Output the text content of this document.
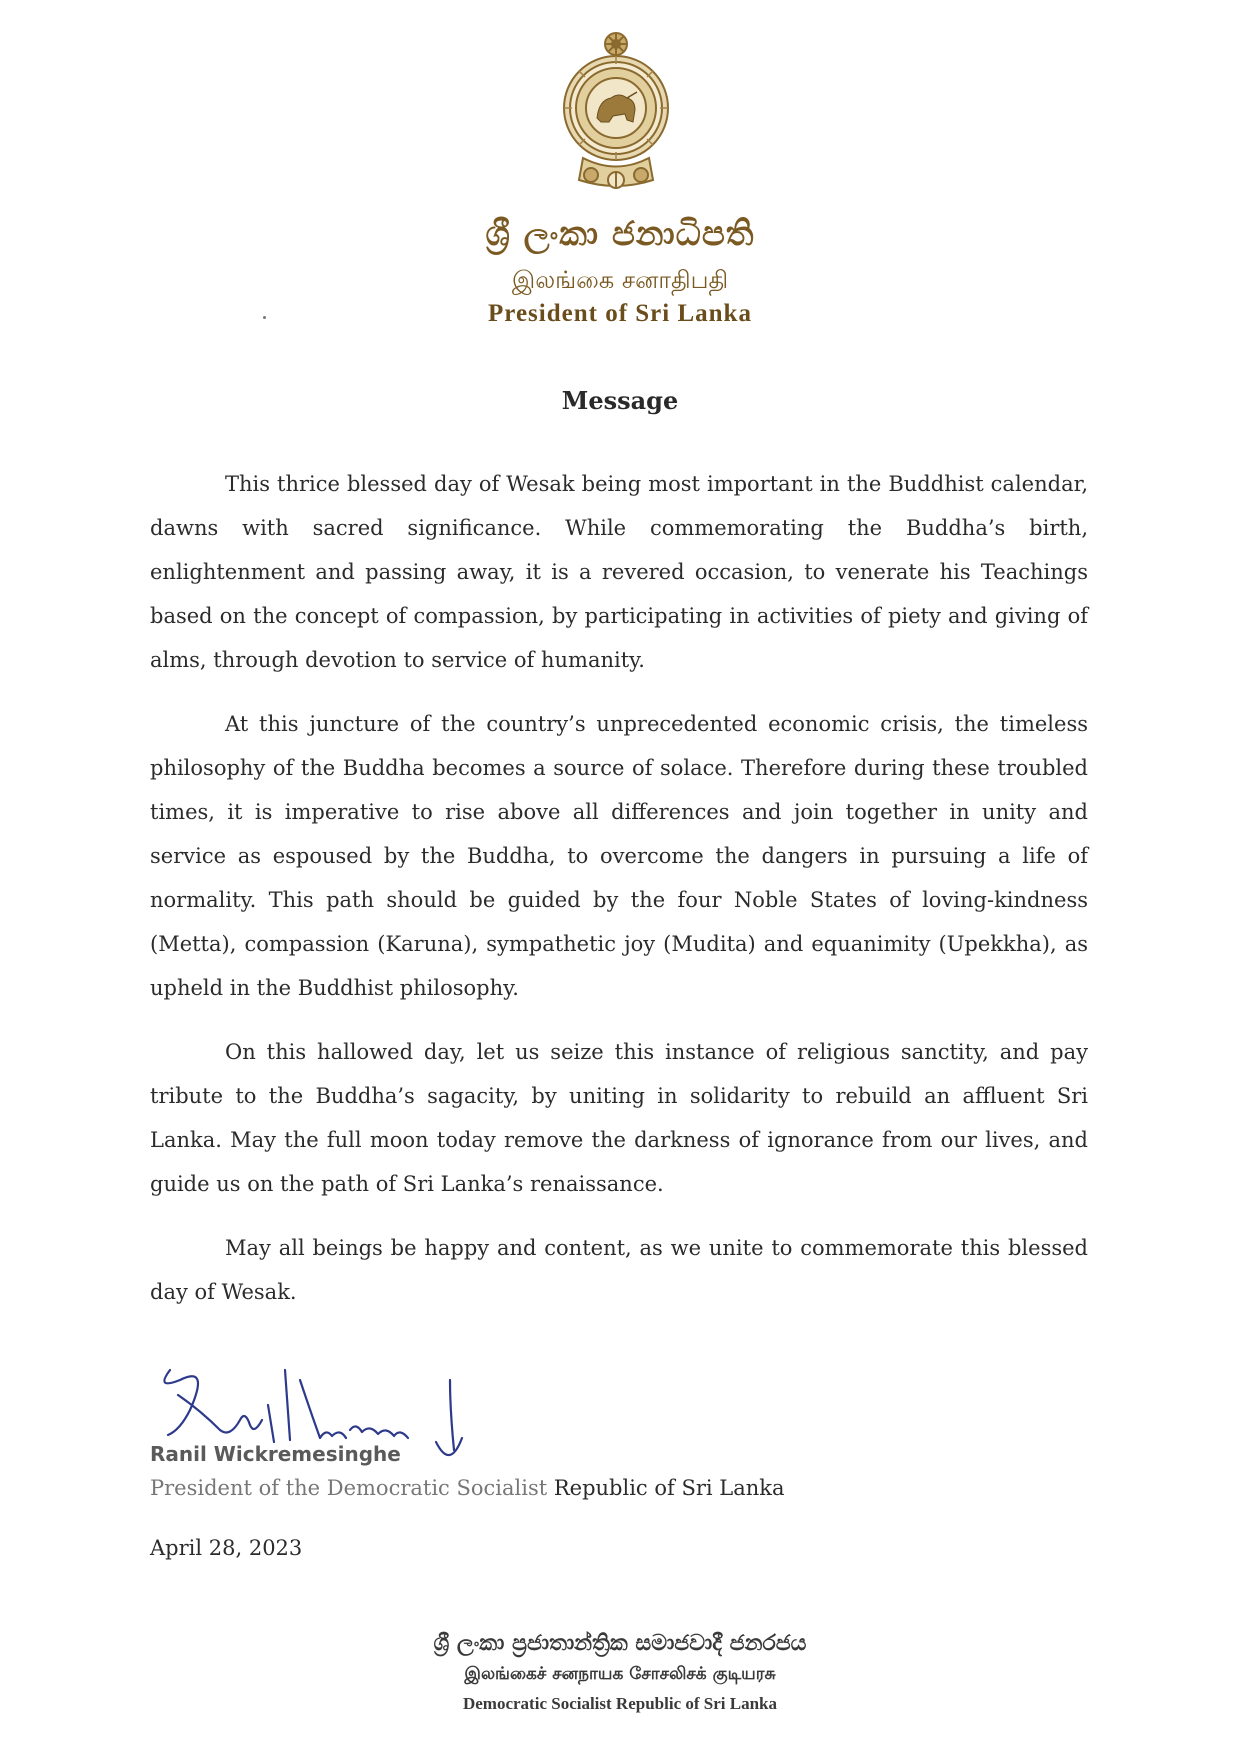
ශ්‍රී ලංකා ජනාධිපති
இலங்கை சனாதிபதி
President of Sri Lanka
Message

This thrice blessed day of Wesak being most important in the Buddhist calendar, dawns with sacred significance. While commemorating the Buddha’s birth, enlightenment and passing away, it is a revered occasion, to venerate his Teachings based on the concept of compassion, by participating in activities of piety and giving of alms, through devotion to service of humanity.

At this juncture of the country’s unprecedented economic crisis, the timeless philosophy of the Buddha becomes a source of solace. Therefore during these troubled times, it is imperative to rise above all differences and join together in unity and service as espoused by the Buddha, to overcome the dangers in pursuing a life of normality. This path should be guided by the four Noble States of loving-kindness (Metta), compassion (Karuna), sympathetic joy (Mudita) and equanimity (Upekkha), as upheld in the Buddhist philosophy.

On this hallowed day, let us seize this instance of religious sanctity, and pay tribute to the Buddha’s sagacity, by uniting in solidarity to rebuild an affluent Sri Lanka. May the full moon today remove the darkness of ignorance from our lives, and guide us on the path of Sri Lanka’s renaissance.

May all beings be happy and content, as we unite to commemorate this blessed day of Wesak.

Ranil Wickremesinghe
President of the Democratic Socialist Republic of Sri Lanka
April 28, 2023
ශ්‍රී ලංකා ප්‍රජාතාන්ත්‍රික සමාජවාදී ජනරජය
இலங்கைச் சனநாயக சோசலிசக் குடியரசு
Democratic Socialist Republic of Sri Lanka
